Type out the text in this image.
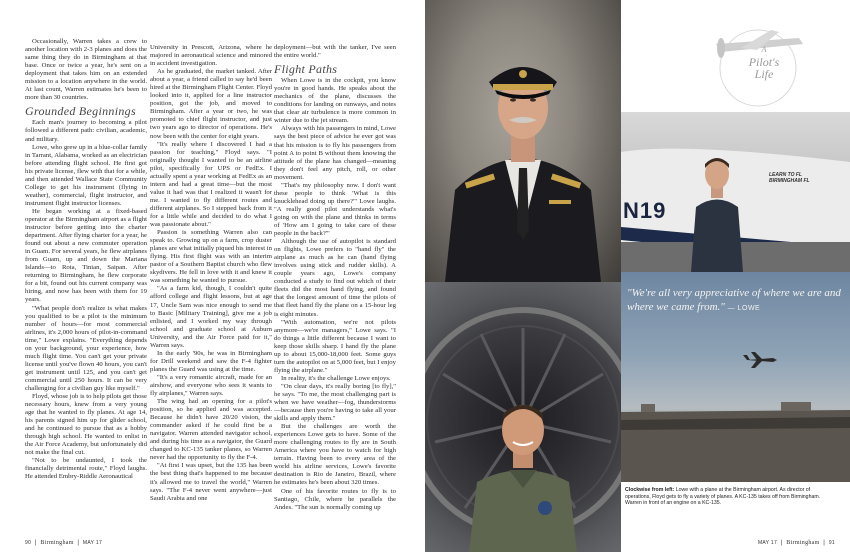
Occasionally, Warren takes a crew to another location with 2-3 planes and does the same thing they do in Birmingham at that base. Once or twice a year, he's sent on a deployment that takes him on an extended mission to a location anywhere in the world. At last count, Warren estimates he's been to more than 30 countries.

Grounded Beginnings

Each man's journey to becoming a pilot followed a different path: civilian, academic, and military.

Lowe, who grew up in a blue-collar family in Tarrant, Alabama, worked as an electrician before attending flight school. He first got his private license, flew with that for a while, and then attended Wallace State Community College to get his instrument (flying in weather), commercial, flight instructor, and instrument flight instructor licenses.

He began working at a fixed-based operator at the Birmingham airport as a flight instructor before getting into the charter department. After flying charter for a year, he found out about a new commuter operation in Guam. For several years, he flew airplanes from Guam, up and down the Mariana Islands—to Rota, Tinian, Saipan. After returning to Birmingham, he flew corporate for a bit, found out his current company was hiring, and now has been with them for 19 years.

"What people don't realize is what makes you qualified to be a pilot is the minimum number of hours—for most commercial airlines, it's 2,000 hours of pilot-in-command time," Lowe explains. "Everything depends on your background, your experience, how much flight time. You can't get your private license until you've flown 40 hours, you can't get instrument until 125, and you can't get commercial until 250 hours. It can be very challenging for a civilian guy like myself."

Floyd, whose job is to help pilots get those necessary hours, knew from a very young age that he wanted to fly planes. At age 14, his parents signed him up for glider school, and he continued to pursue that as a hobby through high school. He wanted to enlist in the Air Force Academy, but unfortunately did not make the final cut.

"Not to be undaunted, I took the financially detrimental route," Floyd laughs. He attended Embry-Riddle Aeronautical

University in Prescott, Arizona, where he majored in aeronautical science and minored in accident investigation.

As he graduated, the market tanked. After about a year, a friend called to say he'd been hired at the Birmingham Flight Center. Floyd looked into it, applied for a line instructor position, got the job, and moved to Birmingham. After a year or two, he was promoted to chief flight instructor, and just two years ago to director of operations. He's now been with the center for eight years.

"It's really where I discovered I had a passion for teaching," Floyd says. "I originally thought I wanted to be an airline pilot, specifically for UPS or FedEx. I actually spent a year working at FedEx as an intern and had a great time—but the most value it had was that I realized it wasn't for me. I wanted to fly different routes and different airplanes. So I stepped back from it for a little while and decided to do what I was passionate about."

Passion is something Warren also can speak to. Growing up on a farm, crop duster planes are what initially piqued his interest in flying. His first flight was with an interim pastor of a Southern Baptist church who flew skydivers. He fell in love with it and knew it was something he wanted to pursue.

"As a farm kid, though, I couldn't quite afford college and flight lessons, but at age 17, Uncle Sam was nice enough to send me to Basic [Military Training], give me a job enlisted, and I worked my way through school and graduate school at Auburn University, and the Air Force paid for it," Warren says.

In the early '90s, he was in Birmingham for Drill weekend and saw the F-4 fighter planes the Guard was using at the time.

"It's a very romantic aircraft, made for an airshow, and everyone who sees it wants to fly airplanes," Warren says.

The wing had an opening for a pilot's position, so he applied and was accepted. Because he didn't have 20/20 vision, the commander asked if he could first be a navigator. Warren attended navigator school, and during his time as a navigator, the Guard changed to KC-135 tanker planes, so Warren never had the opportunity to fly the F-4.

"At first I was upset, but the 135 has been the best thing that's happened to me because it's allowed me to travel the world," Warren says. "The F-4 never went anywhere—just Saudi Arabia and one

deployment—but with the tanker, I've seen the entire world."

Flight Paths

When Lowe is in the cockpit, you know you're in good hands. He speaks about the mechanics of the plane, discusses the conditions for landing on runways, and notes that clear air turbulence is more common in winter due to the jet stream.

Always with his passengers in mind, Lowe says the best piece of advice he ever got was that his mission is to fly his passengers from point A to point B without them knowing the attitude of the plane has changed—meaning they don't feel any pitch, roll, or other movement.

"That's my philosophy now. I don't want these people to think 'What is this knucklehead doing up there?'" Lowe laughs. "A really good pilot understands what's going on with the plane and thinks in terms of 'How am I going to take care of these people in the back?'"

Although the use of autopilot is standard on flights, Lowe prefers to "hand fly" the airplane as much as he can (hand flying involves using stick and rudder skills). A couple years ago, Lowe's company conducted a study to find out which of their fleets did the most hand flying, and found that the longest amount of time the pilots of that fleet hand fly the plane on a 15-hour leg is eight minutes.

"With automation, we're not pilots anymore—we're managers," Lowe says. "I do things a little different because I want to keep those skills sharp. I hand fly the plane up to about 15,000-18,000 feet. Some guys turn the autopilot on at 5,000 feet, but I enjoy flying the airplane."

In reality, it's the challenge Lowe enjoys.

"On clear days, it's really boring [to fly]," he says. "To me, the most challenging part is when we have weather—fog, thunderstorms—because then you're having to take all your skills and apply them."

But the challenges are worth the experiences Lowe gets to have. Some of the more challenging routes to fly are in South America where you have to watch for high terrain. Having been to every area of the world his airline services, Lowe's favorite destination is Rio de Janeiro, Brazil, where he estimates he's been about 320 times.

One of his favorite routes to fly is to Santiago, Chile, where he parallels the Andes. "The sun is normally coming up

90  |  Birmingham  |  MAY 17
A
Pilot's
Life
N19
LEARN TO FL
BIRMINGHAM FL
"We're all very appreciative of where we are and where we came from." — LOWE
Clockwise from left: Lowe with a plane at the Birmingham airport. As director of operations, Floyd gets to fly a variety of planes. A KC-135 takes off from Birmingham. Warren in front of an engine on a KC-135.
MAY 17  |  Birmingham  |  91
